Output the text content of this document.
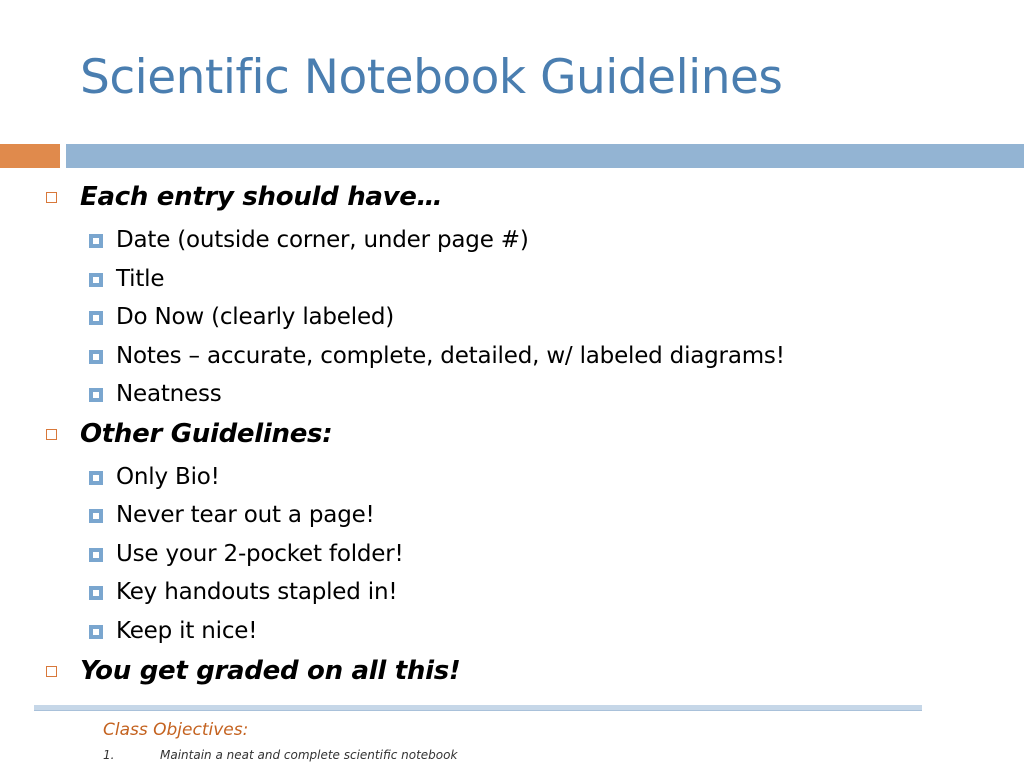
Scientific Notebook Guidelines
Each entry should have…
Date (outside corner, under page #)
Title
Do Now (clearly labeled)
Notes – accurate, complete, detailed, w/ labeled diagrams!
Neatness
Other Guidelines:
Only Bio!
Never tear out a page!
Use your 2-pocket folder!
Key handouts stapled in!
Keep it nice!
You get graded on all this!
Class Objectives:
1.	Maintain a neat and complete scientific notebook
